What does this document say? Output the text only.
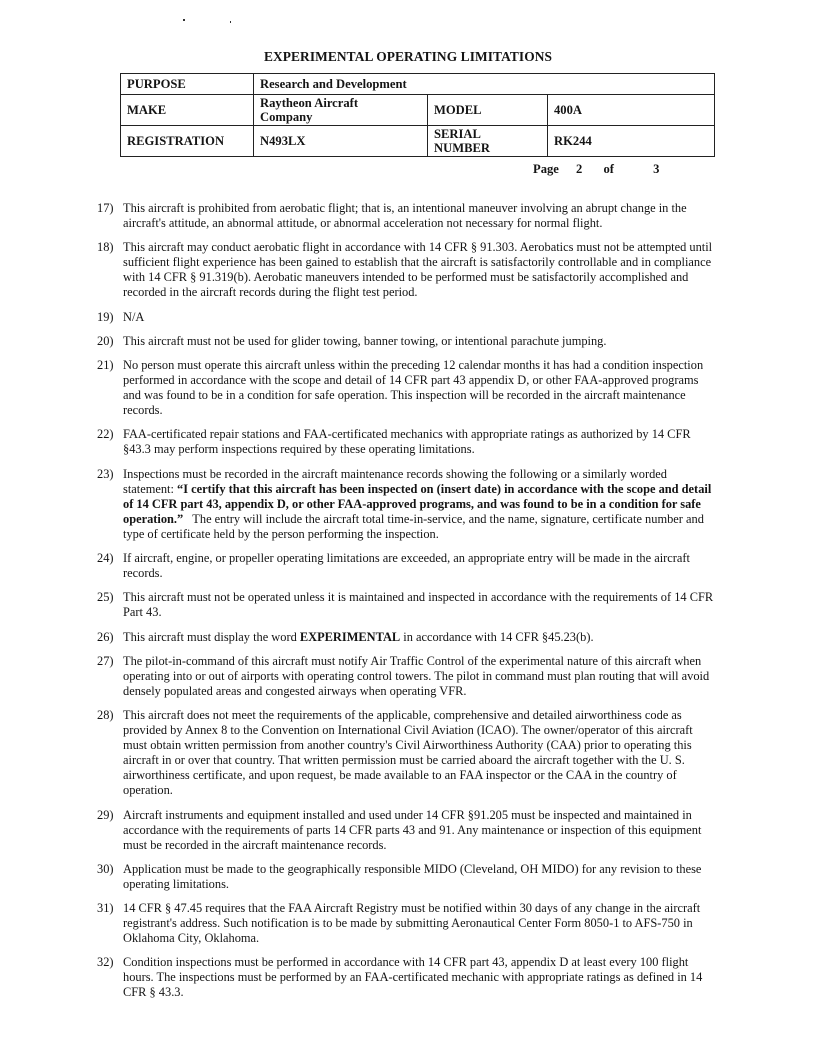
EXPERIMENTAL OPERATING LIMITATIONS
PURPOSE	Research and Development		
MAKE	Raytheon Aircraft Company	MODEL	400A
REGISTRATION	N493LX	SERIAL NUMBER	RK244
Page 2 of	3
17) This aircraft is prohibited from aerobatic flight; that is, an intentional maneuver involving an abrupt change in the aircraft's attitude, an abnormal attitude, or abnormal acceleration not necessary for normal flight.
18) This aircraft may conduct aerobatic flight in accordance with 14 CFR § 91.303. Aerobatics must not be attempted until sufficient flight experience has been gained to establish that the aircraft is satisfactorily controllable and in compliance with 14 CFR § 91.319(b). Aerobatic maneuvers intended to be performed must be satisfactorily accomplished and recorded in the aircraft records during the flight test period.
19) N/A
20) This aircraft must not be used for glider towing, banner towing, or intentional parachute jumping.
21) No person must operate this aircraft unless within the preceding 12 calendar months it has had a condition inspection performed in accordance with the scope and detail of 14 CFR part 43 appendix D, or other FAA-approved programs and was found to be in a condition for safe operation. This inspection will be recorded in the aircraft maintenance records.
22) FAA-certificated repair stations and FAA-certificated mechanics with appropriate ratings as authorized by 14 CFR §43.3 may perform inspections required by these operating limitations.
23) Inspections must be recorded in the aircraft maintenance records showing the following or a similarly worded statement: “I certify that this aircraft has been inspected on (insert date) in accordance with the scope and detail of 14 CFR part 43, appendix D, or other FAA-approved programs, and was found to be in a condition for safe operation.”   The entry will include the aircraft total time-in-service, and the name, signature, certificate number and type of certificate held by the person performing the inspection.
24) If aircraft, engine, or propeller operating limitations are exceeded, an appropriate entry will be made in the aircraft records.
25) This aircraft must not be operated unless it is maintained and inspected in accordance with the requirements of 14 CFR Part 43.
26) This aircraft must display the word EXPERIMENTAL in accordance with 14 CFR §45.23(b).
27) The pilot-in-command of this aircraft must notify Air Traffic Control of the experimental nature of this aircraft when operating into or out of airports with operating control towers. The pilot in command must plan routing that will avoid densely populated areas and congested airways when operating VFR.
28) This aircraft does not meet the requirements of the applicable, comprehensive and detailed airworthiness code as provided by Annex 8 to the Convention on International Civil Aviation (ICAO). The owner/operator of this aircraft must obtain written permission from another country's Civil Airworthiness Authority (CAA) prior to operating this aircraft in or over that country. That written permission must be carried aboard the aircraft together with the U. S. airworthiness certificate, and upon request, be made available to an FAA inspector or the CAA in the country of operation.
29) Aircraft instruments and equipment installed and used under 14 CFR §91.205 must be inspected and maintained in accordance with the requirements of parts 14 CFR parts 43 and 91. Any maintenance or inspection of this equipment must be recorded in the aircraft maintenance records.
30) Application must be made to the geographically responsible MIDO (Cleveland, OH MIDO) for any revision to these operating limitations.
31) 14 CFR § 47.45 requires that the FAA Aircraft Registry must be notified within 30 days of any change in the aircraft registrant's address. Such notification is to be made by submitting Aeronautical Center Form 8050-1 to AFS-750 in Oklahoma City, Oklahoma.
32) Condition inspections must be performed in accordance with 14 CFR part 43, appendix D at least every 100 flight hours. The inspections must be performed by an FAA-certificated mechanic with appropriate ratings as defined in 14 CFR § 43.3.
